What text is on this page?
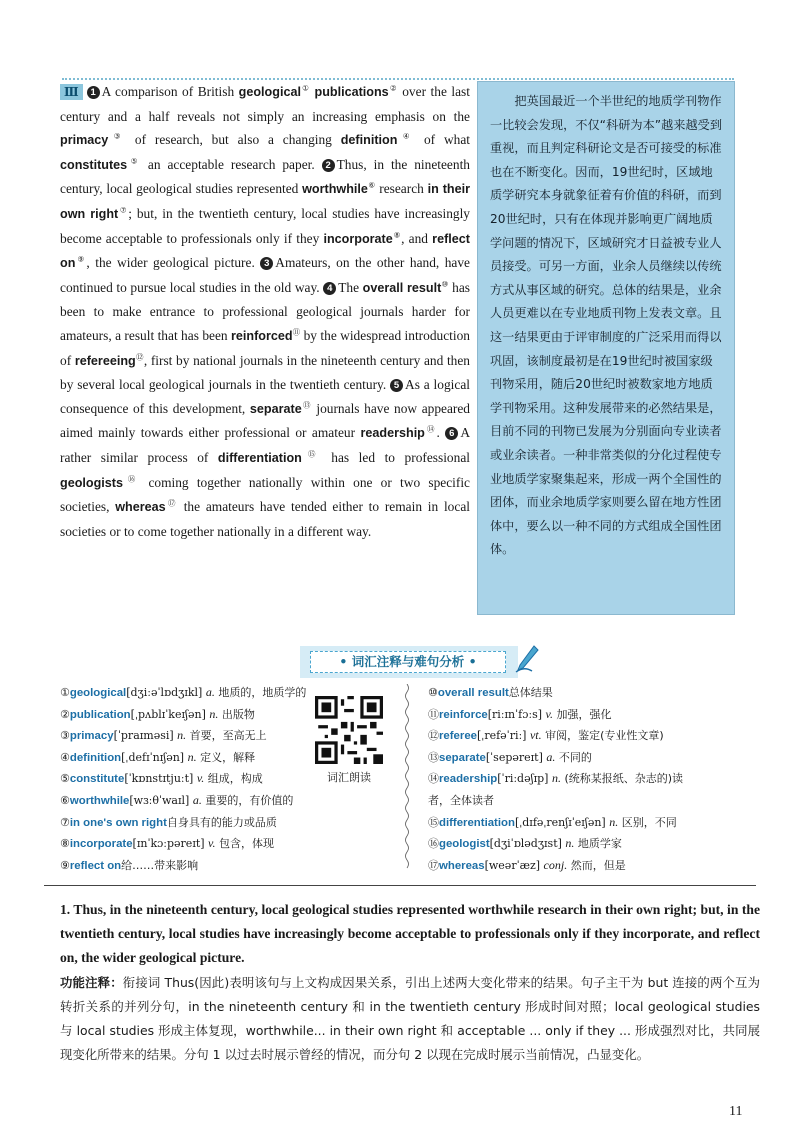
Ⅲ 1 A comparison of British geological① publications② over the last century and a half reveals not simply an increasing emphasis on the primacy③ of research, but also a changing definition④ of what constitutes⑤ an acceptable research paper. 2 Thus, in the nineteenth century, local geological studies represented worthwhile⑥ research in their own right⑦; but, in the twentieth century, local studies have increasingly become acceptable to professionals only if they incorporate⑧, and reflect on⑨, the wider geological picture. 3 Amateurs, on the other hand, have continued to pursue local studies in the old way. 4 The overall result⑩ has been to make entrance to professional geological journals harder for amateurs, a result that has been reinforced⑪ by the widespread introduction of refereeing⑫, first by national journals in the nineteenth century and then by several local geological journals in the twentieth century. 5 As a logical consequence of this development, separate⑬ journals have now appeared aimed mainly towards either professional or amateur readership⑭. 6 A rather similar process of differentiation⑮ has led to professional geologists⑯ coming together nationally within one or two specific societies, whereas⑰ the amateurs have tended either to remain in local societies or to come together nationally in a different way.

把英国最近一个半世纪的地质学刊物作一比较会发现，不仅“科研为本”越来越受到重视，而且判定科研论文是否可接受的标准也在不断变化。因而，19世纪时，区域地质学研究本身就象征着有价值的科研，而到20世纪时，只有在体现并影响更广阔地质学问题的情况下，区域研究才日益被专业人员接受。可另一方面，业余人员继续以传统方式从事区域的研究。总体的结果是，业余人员更难以在专业地质刊物上发表文章。且这一结果更由于评审制度的广泛采用而得以巩固，该制度最初是在19世纪时被国家级刊物采用，随后20世纪时被数家地方地质学刊物采用。这种发展带来的必然结果是，目前不同的刊物已发展为分别面向专业读者或业余读者。一种非常类似的分化过程使专业地质学家聚集起来，形成一两个全国性的团体，而业余地质学家则要么留在地方性团体中，要么以一种不同的方式组成全国性团体。

• 词汇注释与难句分析 •
①geological[dʒiːəˈlɒdʒɪkl] a. 地质的，地质学的
②publication[ˌpʌblɪˈkeɪʃən] n. 出版物
③primacy[ˈpraɪməsi] n. 首要，至高无上
④definition[ˌdefɪˈnɪʃən] n. 定义，解释
⑤constitute[ˈkɒnstɪtjuːt] v. 组成，构成
⑥worthwhile[wɜːθˈwaɪl] a. 重要的，有价值的
⑦in one's own right自身具有的能力或品质
⑧incorporate[ɪnˈkɔːpəreɪt] v. 包含，体现
⑨reflect on给……带来影响
词汇朗读
⑩overall result总体结果
⑪reinforce[riːɪnˈfɔːs] v. 加强，强化
⑫referee[ˌrefəˈriː] vt. 审阅，鉴定(专业性文章)
⑬separate[ˈsepəreɪt] a. 不同的
⑭readership[ˈriːdəʃɪp] n. (统称某报纸、杂志的)读
者，全体读者
⑮differentiation[ˌdɪfəˌrenʃɪˈeɪʃən] n. 区别，不同
⑯geologist[dʒiˈɒlədʒɪst] n. 地质学家
⑰whereas[weərˈæz] conj. 然而，但是
1. Thus, in the nineteenth century, local geological studies represented worthwhile research in their own right; but, in the twentieth century, local studies have increasingly become acceptable to professionals only if they incorporate, and reflect on, the wider geological picture.
功能注释：衔接词 Thus(因此)表明该句与上文构成因果关系，引出上述两大变化带来的结果。句子主干为 but 连接的两个互为转折关系的并列分句，in the nineteenth century 和 in the twentieth century 形成时间对照；local geological studies 与 local studies 形成主体复现，worthwhile... in their own right 和 acceptable ... only if they ... 形成强烈对比，共同展现变化所带来的结果。分句 1 以过去时展示曾经的情况，而分句 2 以现在完成时展示当前情况，凸显变化。
11
